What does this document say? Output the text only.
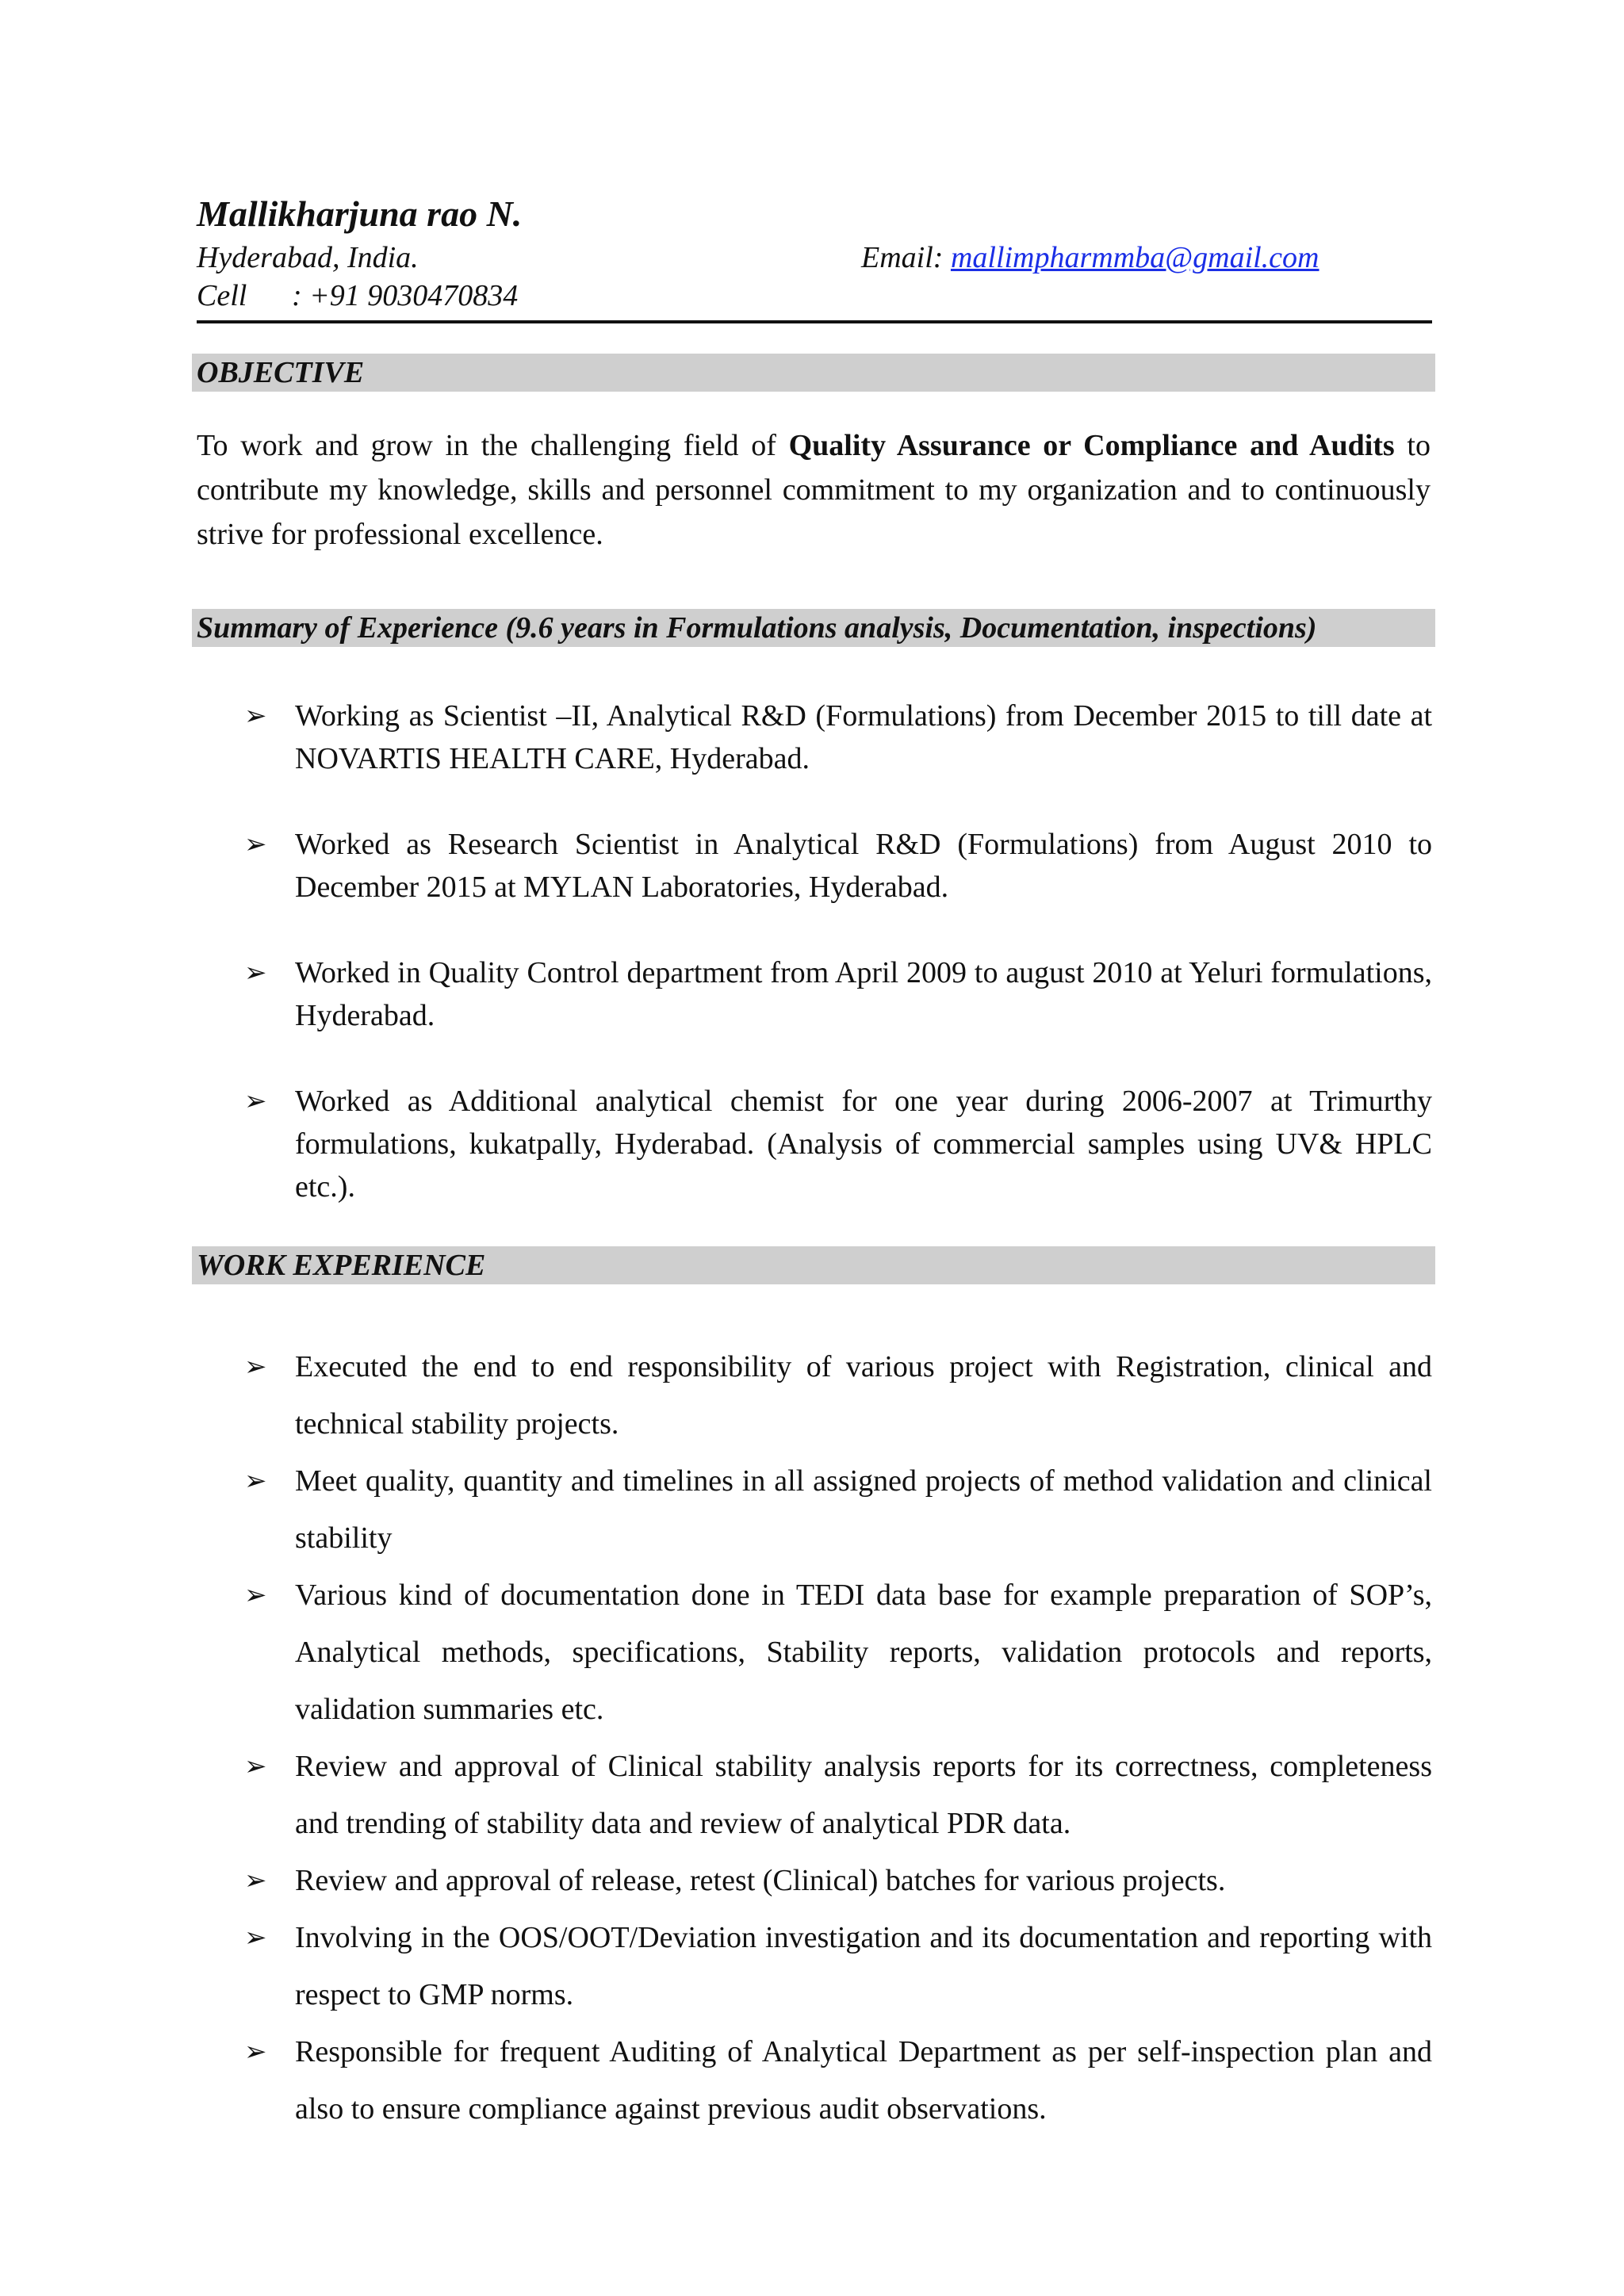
Mallikharjuna rao N.
Hyderabad, India.	Email: mallimpharmmba@gmail.com
Cell : +91 9030470834
OBJECTIVE
To work and grow in the challenging field of Quality Assurance or Compliance and Audits to contribute my knowledge, skills and personnel commitment to my organization and to continuously strive for professional excellence.
Summary of Experience (9.6 years in Formulations analysis, Documentation, inspections)
➢ Working as Scientist –II, Analytical R&D (Formulations) from December 2015 to till date at NOVARTIS HEALTH CARE, Hyderabad.
➢ Worked as Research Scientist in Analytical R&D (Formulations) from August 2010 to December 2015 at MYLAN Laboratories, Hyderabad.
➢ Worked in Quality Control department from April 2009 to august 2010 at Yeluri formulations, Hyderabad.
➢ Worked as Additional analytical chemist for one year during 2006-2007 at Trimurthy formulations, kukatpally, Hyderabad. (Analysis of commercial samples using UV& HPLC etc.).
WORK EXPERIENCE
➢ Executed the end to end responsibility of various project with Registration, clinical and technical stability projects.
➢ Meet quality, quantity and timelines in all assigned projects of method validation and clinical stability
➢ Various kind of documentation done in TEDI data base for example preparation of SOP’s, Analytical methods, specifications, Stability reports, validation protocols and reports, validation summaries etc.
➢ Review and approval of Clinical stability analysis reports for its correctness, completeness and trending of stability data and review of analytical PDR data.
➢ Review and approval of release, retest (Clinical) batches for various projects.
➢ Involving in the OOS/OOT/Deviation investigation and its documentation and reporting with respect to GMP norms.
➢ Responsible for frequent Auditing of Analytical Department as per self-inspection plan and also to ensure compliance against previous audit observations.
